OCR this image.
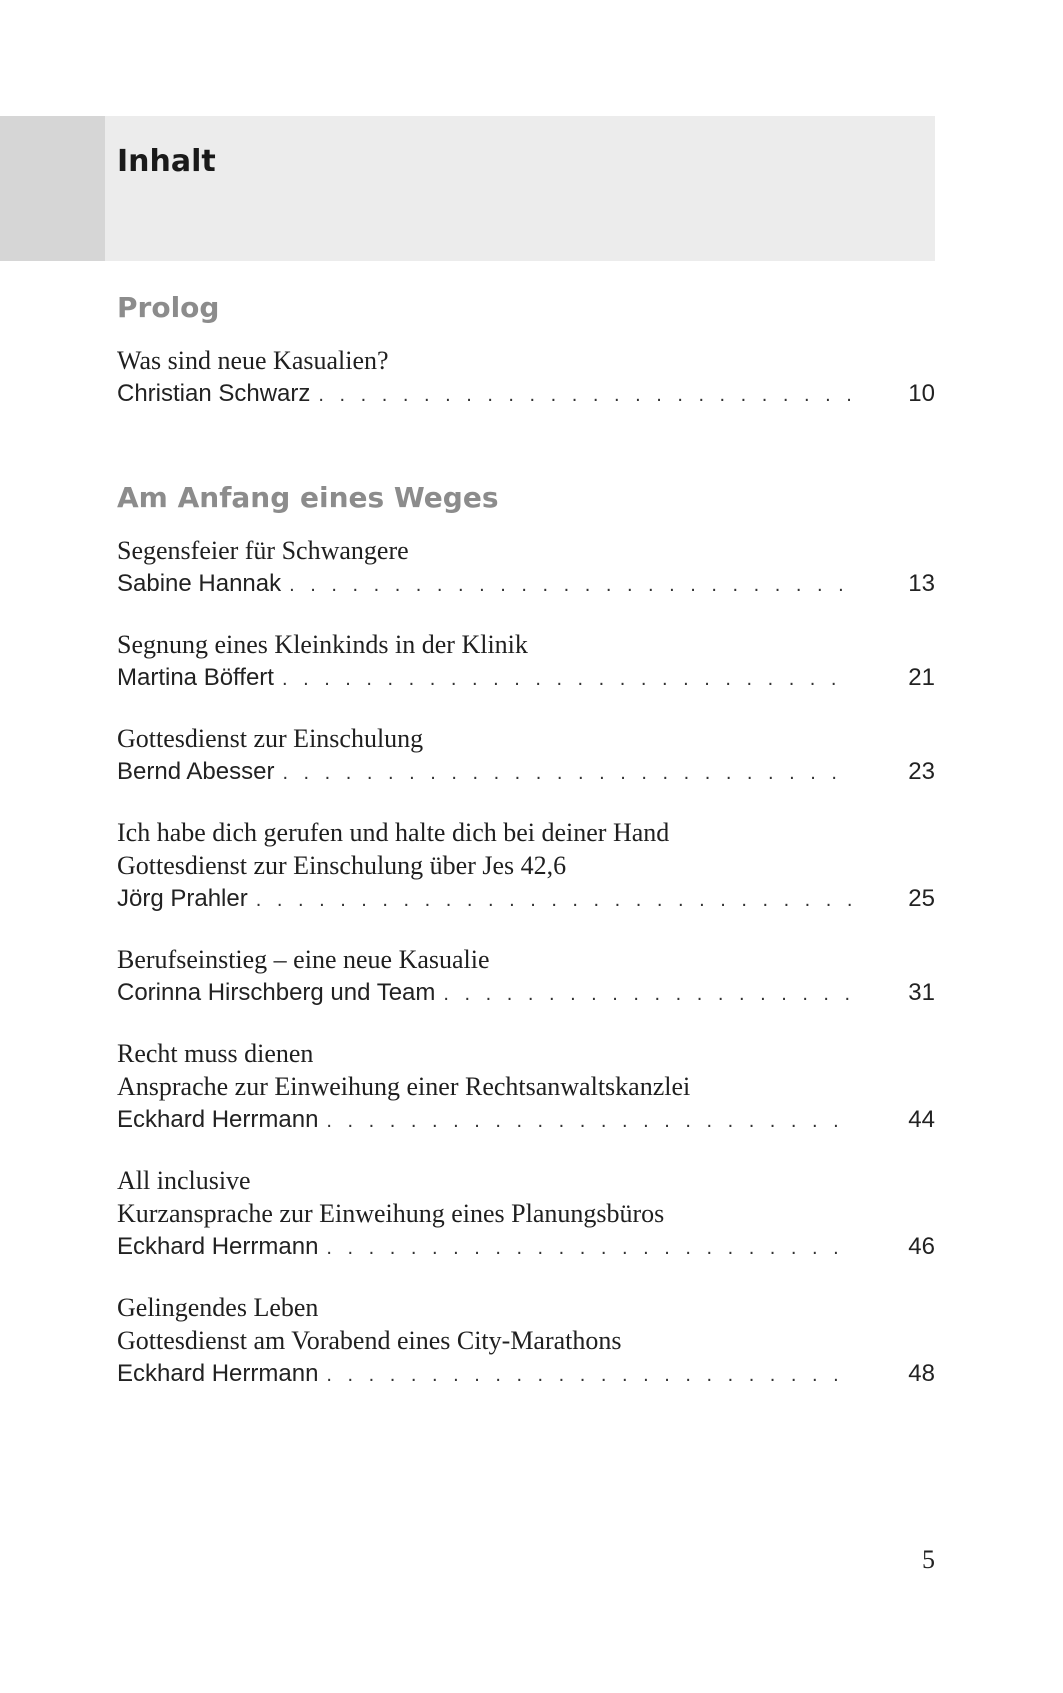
Inhalt
Prolog
Was sind neue Kasualien?
Christian Schwarz . . .	10
Am Anfang eines Weges
Segensfeier für Schwangere
Sabine Hannak . . .	13
Segnung eines Kleinkinds in der Klinik
Martina Böffert . . .	21
Gottesdienst zur Einschulung
Bernd Abesser . . .	23
Ich habe dich gerufen und halte dich bei deiner Hand
Gottesdienst zur Einschulung über Jes 42,6
Jörg Prahler . . .	25
Berufseinstieg – eine neue Kasualie
Corinna Hirschberg und Team . . .	31
Recht muss dienen
Ansprache zur Einweihung einer Rechtsanwaltskanzlei
Eckhard Herrmann . . .	44
All inclusive
Kurzansprache zur Einweihung eines Planungsbüros
Eckhard Herrmann . . .	46
Gelingendes Leben
Gottesdienst am Vorabend eines City-Marathons
Eckhard Herrmann . . .	48
5
